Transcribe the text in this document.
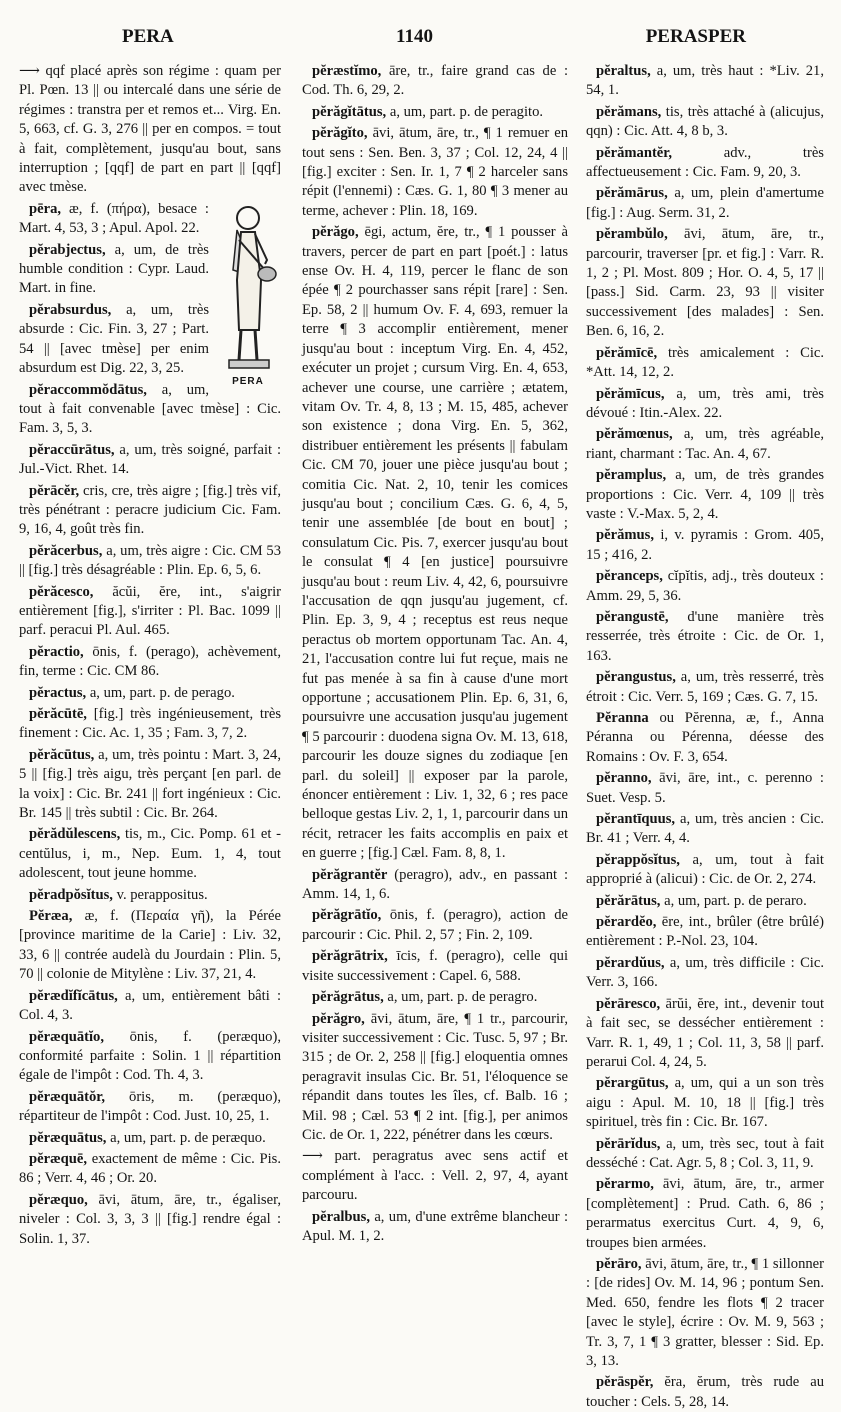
PERA	1140	PERASPER
⟶ qqf placé après son régime : quam per Pl. Pœn. 13 || ou intercalé dans une série de régimes : transtra per et remos et... Virg. En. 5, 663, cf. G. 3, 276 || per en compos. = tout à fait, complètement, jusqu'au bout, sans interruption ; [qqf] de part en part || [qqf] avec tmèse.
PERA
pēra, æ, f. (πήρα), besace : Mart. 4, 53, 3 ; Apul. Apol. 22.
pĕrabjectus, a, um, de très humble condition : Cypr. Laud. Mart. in fine.
pĕrabsurdus, a, um, très absurde : Cic. Fin. 3, 27 ; Part. 54 || [avec tmèse] per enim absurdum est Dig. 22, 3, 25.
pĕraccommŏdātus, a, um, tout à fait convenable [avec tmèse] : Cic. Fam. 3, 5, 3.
pĕraccūrātus, a, um, très soigné, parfait : Jul.-Vict. Rhet. 14.
pĕrācĕr, cris, cre, très aigre ; [fig.] très vif, très pénétrant : peracre judicium Cic. Fam. 9, 16, 4, goût très fin.
pĕrăcerbus, a, um, très aigre : Cic. CM 53 || [fig.] très désagréable : Plin. Ep. 6, 5, 6.
pĕrăcesco, ăcŭi, ĕre, int., s'aigrir entièrement [fig.], s'irriter : Pl. Bac. 1099 || parf. peracui Pl. Aul. 465.
pĕractio, ōnis, f. (perago), achèvement, fin, terme : Cic. CM 86.
pĕractus, a, um, part. p. de perago.
pĕrăcūtē, [fig.] très ingénieusement, très finement : Cic. Ac. 1, 35 ; Fam. 3, 7, 2.
pĕrăcūtus, a, um, très pointu : Mart. 3, 24, 5 || [fig.] très aigu, très perçant [en parl. de la voix] : Cic. Br. 241 || fort ingénieux : Cic. Br. 145 || très subtil : Cic. Br. 264.
pĕrădŭlescens, tis, m., Cic. Pomp. 61 et -centŭlus, i, m., Nep. Eum. 1, 4, tout adolescent, tout jeune homme.
pĕradpŏsĭtus, v. perappositus.
Pĕræa, æ, f. (Περαία γῆ), la Pérée [province maritime de la Carie] : Liv. 32, 33, 6 || contrée audelà du Jourdain : Plin. 5, 70 || colonie de Mitylène : Liv. 37, 21, 4.
pĕrædĭfĭcātus, a, um, entièrement bâti : Col. 4, 3.
pĕræquātĭo, ōnis, f. (peræquo), conformité parfaite : Solin. 1 || répartition égale de l'impôt : Cod. Th. 4, 3.
pĕræquātŏr, ōris, m. (peræquo), répartiteur de l'impôt : Cod. Just. 10, 25, 1.
pĕræquātus, a, um, part. p. de peræquo.
pĕræquē, exactement de même : Cic. Pis. 86 ; Verr. 4, 46 ; Or. 20.
pĕræquo, āvi, ātum, āre, tr., égaliser, niveler : Col. 3, 3, 3 || [fig.] rendre égal : Solin. 1, 37.
pĕræstĭmo, āre, tr., faire grand cas de : Cod. Th. 6, 29, 2.
pĕrăgĭtātus, a, um, part. p. de peragito.
pĕrăgĭto, āvi, ātum, āre, tr., ¶ 1 remuer en tout sens : Sen. Ben. 3, 37 ; Col. 12, 24, 4 || [fig.] exciter : Sen. Ir. 1, 7 ¶ 2 harceler sans répit (l'ennemi) : Cæs. G. 1, 80 ¶ 3 mener au terme, achever : Plin. 18, 169.
pĕrăgo, ēgi, actum, ĕre, tr., ¶ 1 pousser à travers, percer de part en part [poét.] : latus ense Ov. H. 4, 119, percer le flanc de son épée ¶ 2 pourchasser sans répit [rare] : Sen. Ep. 58, 2 || humum Ov. F. 4, 693, remuer la terre ¶ 3 accomplir entièrement, mener jusqu'au bout : inceptum Virg. En. 4, 452, exécuter un projet ; cursum Virg. En. 4, 653, achever une course, une carrière ; ætatem, vitam Ov. Tr. 4, 8, 13 ; M. 15, 485, achever son existence ; dona Virg. En. 5, 362, distribuer entièrement les présents || fabulam Cic. CM 70, jouer une pièce jusqu'au bout ; comitia Cic. Nat. 2, 10, tenir les comices jusqu'au bout ; concilium Cæs. G. 6, 4, 5, tenir une assemblée [de bout en bout] ; consulatum Cic. Pis. 7, exercer jusqu'au bout le consulat ¶ 4 [en justice] poursuivre jusqu'au bout : reum Liv. 4, 42, 6, poursuivre l'accusation de qqn jusqu'au jugement, cf. Plin. Ep. 3, 9, 4 ; receptus est reus neque peractus ob mortem opportunam Tac. An. 4, 21, l'accusation contre lui fut reçue, mais ne fut pas menée à sa fin à cause d'une mort opportune ; accusationem Plin. Ep. 6, 31, 6, poursuivre une accusation jusqu'au jugement ¶ 5 parcourir : duodena signa Ov. M. 13, 618, parcourir les douze signes du zodiaque [en parl. du soleil] || exposer par la parole, énoncer entièrement : Liv. 1, 32, 6 ; res pace belloque gestas Liv. 2, 1, 1, parcourir dans un récit, retracer les faits accomplis en paix et en guerre ; [fig.] Cæl. Fam. 8, 8, 1.
pĕrăgrantĕr (peragro), adv., en passant : Amm. 14, 1, 6.
pĕrăgrātĭo, ōnis, f. (peragro), action de parcourir : Cic. Phil. 2, 57 ; Fin. 2, 109.
pĕrăgrātrix, īcis, f. (peragro), celle qui visite successivement : Capel. 6, 588.
pĕrăgrātus, a, um, part. p. de peragro.
pĕrăgro, āvi, ātum, āre, ¶ 1 tr., parcourir, visiter successivement : Cic. Tusc. 5, 97 ; Br. 315 ; de Or. 2, 258 || [fig.] eloquentia omnes peragravit insulas Cic. Br. 51, l'éloquence se répandit dans toutes les îles, cf. Balb. 16 ; Mil. 98 ; Cæl. 53 ¶ 2 int. [fig.], per animos Cic. de Or. 1, 222, pénétrer dans les cœurs.
⟶ part. peragratus avec sens actif et complément à l'acc. : Vell. 2, 97, 4, ayant parcouru.
pĕralbus, a, um, d'une extrême blancheur : Apul. M. 1, 2.
pĕraltus, a, um, très haut : *Liv. 21, 54, 1.
pĕrămans, tis, très attaché à (alicujus, qqn) : Cic. Att. 4, 8 b, 3.
pĕrămantĕr,	adv., très affectueusement : Cic. Fam. 9, 20, 3.
pĕrămārus, a, um, plein d'amertume [fig.] : Aug. Serm. 31, 2.
pĕrambŭlo, āvi, ātum, āre, tr., parcourir, traverser [pr. et fig.] : Varr. R. 1, 2 ; Pl. Most. 809 ; Hor. O. 4, 5, 17 || [pass.] Sid. Carm. 23, 93 || visiter successivement [des malades] : Sen. Ben. 6, 16, 2.
pĕrămīcē, très amicalement : Cic. *Att. 14, 12, 2.
pĕrămīcus, a, um, très ami, très dévoué : Itin.-Alex. 22.
pĕrămœnus, a, um, très agréable, riant, charmant : Tac. An. 4, 67.
pĕramplus, a, um, de très grandes proportions : Cic. Verr. 4, 109 || très vaste : V.-Max. 5, 2, 4.
pĕrămus, i, v. pyramis : Grom. 405, 15 ; 416, 2.
pĕranceps, cĭpĭtis, adj., très douteux : Amm. 29, 5, 36.
pĕrangustē, d'une manière très resserrée, très étroite : Cic. de Or. 1, 163.
pĕrangustus, a, um, très resserré, très étroit : Cic. Verr. 5, 169 ; Cæs. G. 7, 15.
Pĕranna ou Pĕrenna, æ, f., Anna Péranna ou Pérenna, déesse des Romains : Ov. F. 3, 654.
pĕranno, āvi, āre, int., c. perenno : Suet. Vesp. 5.
pĕrantīquus, a, um, très ancien : Cic. Br. 41 ; Verr. 4, 4.
pĕrappŏsĭtus, a, um, tout à fait approprié à (alicui) : Cic. de Or. 2, 274.
pĕrărātus, a, um, part. p. de peraro.
pĕrardĕo, ēre, int., brûler (être brûlé) entièrement : P.-Nol. 23, 104.
pĕrardŭus, a, um, très difficile : Cic. Verr. 3, 166.
pĕrāresco, ārŭi, ĕre, int., devenir tout à fait sec, se dessécher entièrement : Varr. R. 1, 49, 1 ; Col. 11, 3, 58 || parf. perarui Col. 4, 24, 5.
pĕrargūtus, a, um, qui a un son très aigu : Apul. M. 10, 18 || [fig.] très spirituel, très fin : Cic. Br. 167.
pĕrārĭdus, a, um, très sec, tout à fait desséché : Cat. Agr. 5, 8 ; Col. 3, 11, 9.
pĕrarmo, āvi, ātum, āre, tr., armer [complètement] : Prud. Cath. 6, 86 ; perarmatus exercitus Curt. 4, 9, 6, troupes bien armées.
pĕrāro, āvi, ātum, āre, tr., ¶ 1 sillonner : [de rides] Ov. M. 14, 96 ; pontum Sen. Med. 650, fendre les flots ¶ 2 tracer [avec le style], écrire : Ov. M. 9, 563 ; Tr. 3, 7, 1 ¶ 3 gratter, blesser : Sid. Ep. 3, 13.
pĕrāspĕr, ĕra, ĕrum, très rude au toucher : Cels. 5, 28, 14.
